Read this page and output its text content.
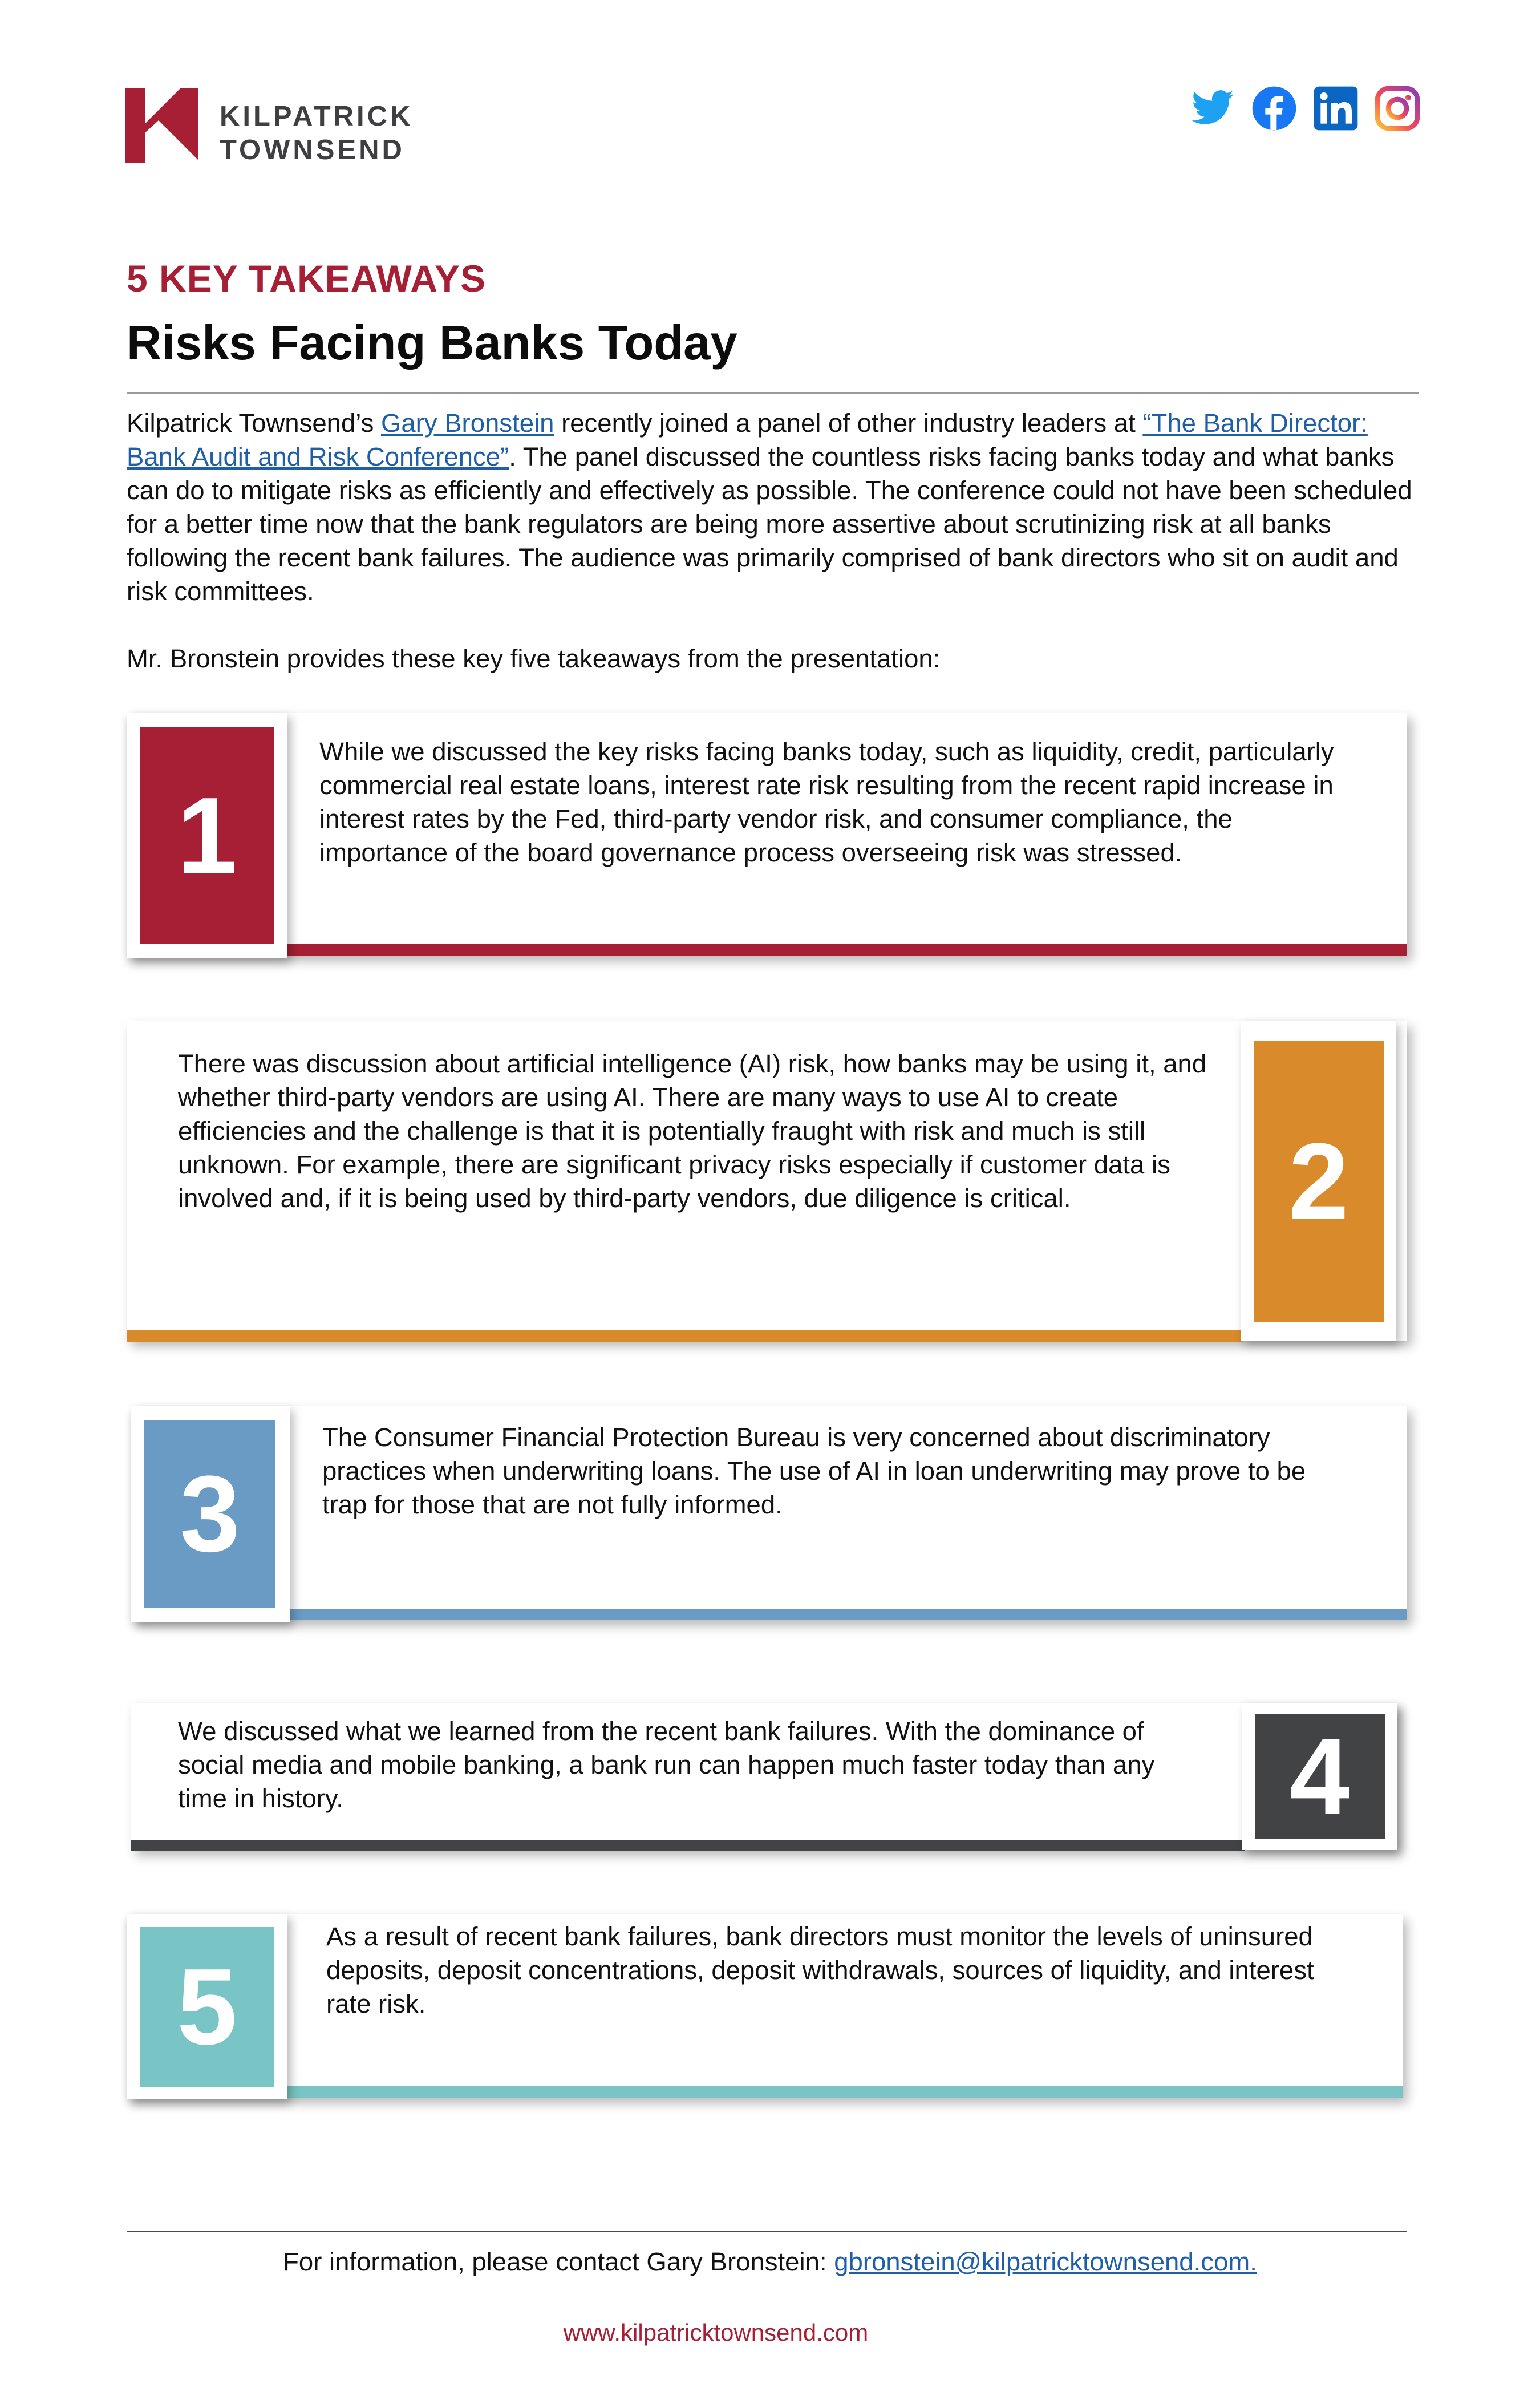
KILPATRICK
TOWNSEND
5 KEY TAKEAWAYS
Risks Facing Banks Today

Kilpatrick Townsend’s Gary Bronstein recently joined a panel of other industry leaders at “The Bank Director: Bank Audit and Risk Conference”. The panel discussed the countless risks facing banks today and what banks can do to mitigate risks as efficiently and effectively as possible. The conference could not have been scheduled for a better time now that the bank regulators are being more assertive about scrutinizing risk at all banks following the recent bank failures. The audience was primarily comprised of bank directors who sit on audit and risk committees.

Mr. Bronstein provides these key five takeaways from the presentation:

1
While we discussed the key risks facing banks today, such as liquidity, credit, particularly commercial real estate loans, interest rate risk resulting from the recent rapid increase in interest rates by the Fed, third-party vendor risk, and consumer compliance, the importance of the board governance process overseeing risk was stressed.
2
There was discussion about artificial intelligence (AI) risk, how banks may be using it, and whether third-party vendors are using AI. There are many ways to use AI to create efficiencies and the challenge is that it is potentially fraught with risk and much is still unknown. For example, there are significant privacy risks especially if customer data is involved and, if it is being used by third-party vendors, due diligence is critical.
3
The Consumer Financial Protection Bureau is very concerned about discriminatory practices when underwriting loans. The use of AI in loan underwriting may prove to be trap for those that are not fully informed.
4
We discussed what we learned from the recent bank failures. With the dominance of social media and mobile banking, a bank run can happen much faster today than any time in history.
5
As a result of recent bank failures, bank directors must monitor the levels of uninsured deposits, deposit concentrations, deposit withdrawals, sources of liquidity, and interest rate risk.

For information, please contact Gary Bronstein: gbronstein@kilpatricktownsend.com.

www.kilpatricktownsend.com
